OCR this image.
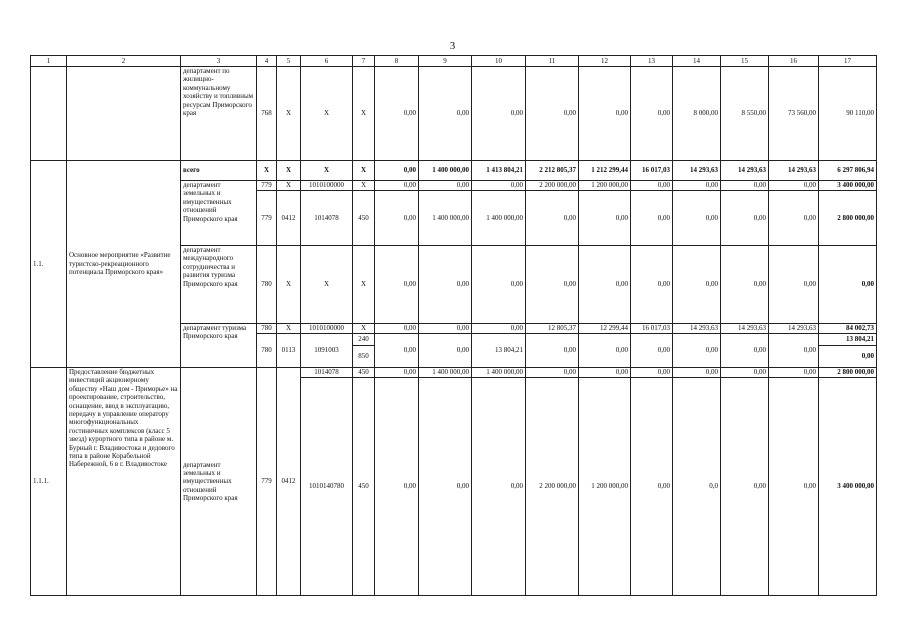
3
1	2	3	4	5	6	7	8	9	10	11	12	13	14	15	16	17
		департамент по жилищно-коммунальному хозяйству и топливным ресурсам Приморского края	768	Х	Х	Х	0,00	0,00	0,00	0,00	0,00	0,00	8 000,00	8 550,00	73 560,00	90 110,00
1.1.	Основное мероприятие «Развитие туристско-рекреационного потенциала Приморского края»	всего	Х	Х	Х	Х	0,00	1 400 000,00	1 413 804,21	2 212 805,37	1 212 299,44	16 017,03	14 293,63	14 293,63	14 293,63	6 297 806,94
		департамент земельных и имущественных отношений Приморского края	779	Х	1010100000	Х	0,00	0,00	0,00	2 200 000,00	1 200 000,00	0,00	0,00	0,00	0,00	3 400 000,00
			779	0412	1014078	450	0,00	1 400 000,00	1 400 000,00	0,00	0,00	0,00	0,00	0,00	0,00	2 800 000,00
		департамент международного сотрудничества и развития туризма Приморского края	780	Х	Х	Х	0,00	0,00	0,00	0,00	0,00	0,00	0,00	0,00	0,00	0,00
		департамент туризма Приморского края	780	Х	1010100000	Х	0,00	0,00	0,00	12 805,37	12 299,44	16 017,03	14 293,63	14 293,63	14 293,63	84 002,73
			780	0113	1091003	240	0,00	0,00	13 804,21	0,00	0,00	0,00	0,00	0,00	0,00	13 804,21
						850										0,00
1.1.1.	Предоставление бюджетных инвестиций акционерному обществу «Наш дом - Приморье» на проектирование, строительство, оснащение, ввод в эксплуатацию, передачу в управление оператору многофункциональных гостиничных комплексов (класс 5 звезд) курортного типа в районе м. Бурный г. Владивостока и дедового типа в районе Корабельной Набережной, 6 в г. Владивостоке	департамент земельных и имущественных отношений Приморского края	779	0412	1014078	450	0,00	1 400 000,00	1 400 000,00	0,00	0,00	0,00	0,00	0,00	0,00	2 800 000,00
					1010140780	450	0,00	0,00	0,00	2 200 000,00	1 200 000,00	0,00	0,0	0,00	0,00	3 400 000,00
